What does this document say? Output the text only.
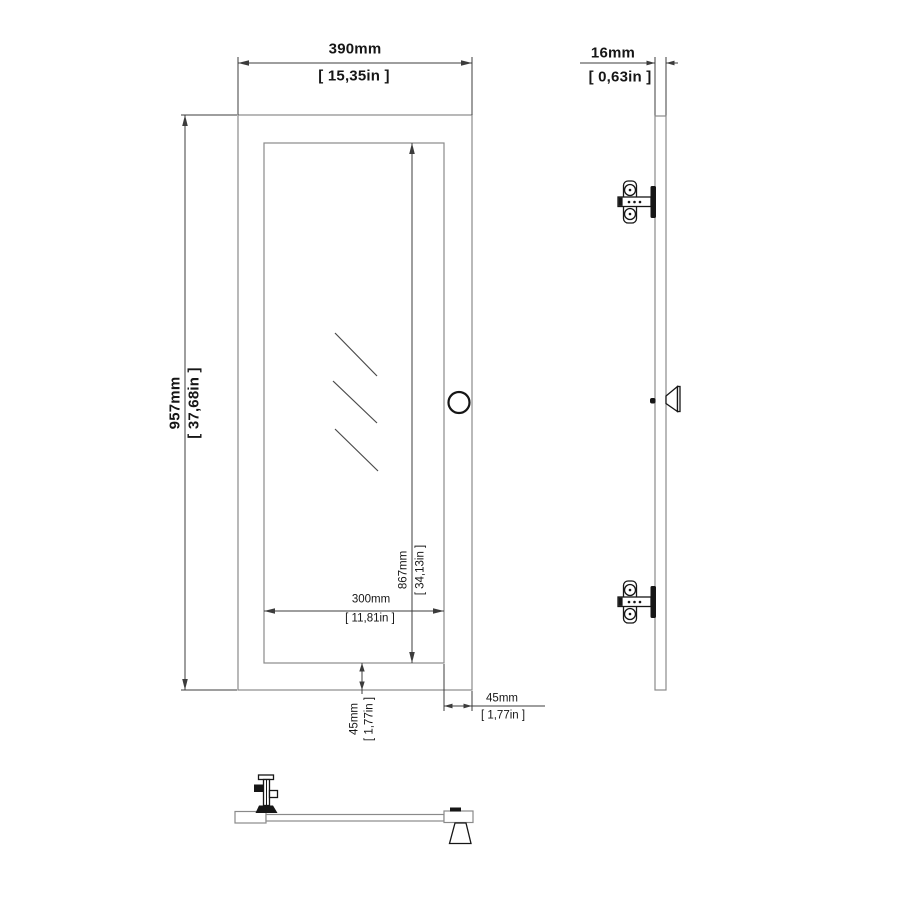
390mm
[ 15,35in ]
16mm
[ 0,63in ]
957mm [ 37,68in ]
867mm [ 34,13in ]
300mm
[ 11,81in ]
45mm [ 1,77in ]	45mm
[ 1,77in ]
